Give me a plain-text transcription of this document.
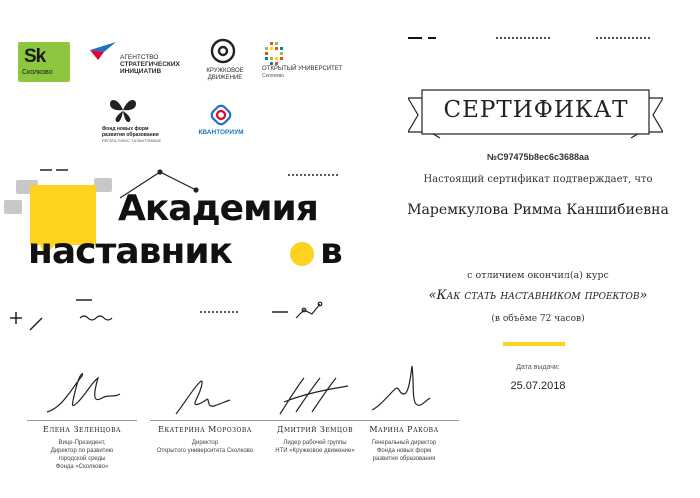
Sk
Сколково
АГЕНТСТВО
СТРАТЕГИЧЕСКИХ
ИНИЦИАТИВ	КРУЖКОВОЕ
ДВИЖЕНИЕ
ОТКРЫТЫЙ УНИВЕРСИТЕТ
Сколково
Фонд новых форм
развития образования
РЕГАТА ПЛЮС ТАЛАНТЛИВЫЕ
КВАНТОРИУМ
СЕРТИФИКАТ
№C97475b8ec6c3688aa
Настоящий сертификат подтверждает, что
Маремкулова Римма Каншибиевна
с отличием окончил(а) курс
«Как стать наставником проектов»
(в объёме 72 часов)
Дата выдачи:
25.07.2018
Академия
наставник в
Елена Зеленцова
Вице-Президент,
Директор по развитию
городской среды
Фонда «Сколково»
Екатерина Морозова
Директор
Открытого университета Сколково
Дмитрий Земцов
Лидер рабочей группы
НТИ «Кружковое движение»
Марина Ракова
Генеральный директор
Фонда новых форм
развития образования
